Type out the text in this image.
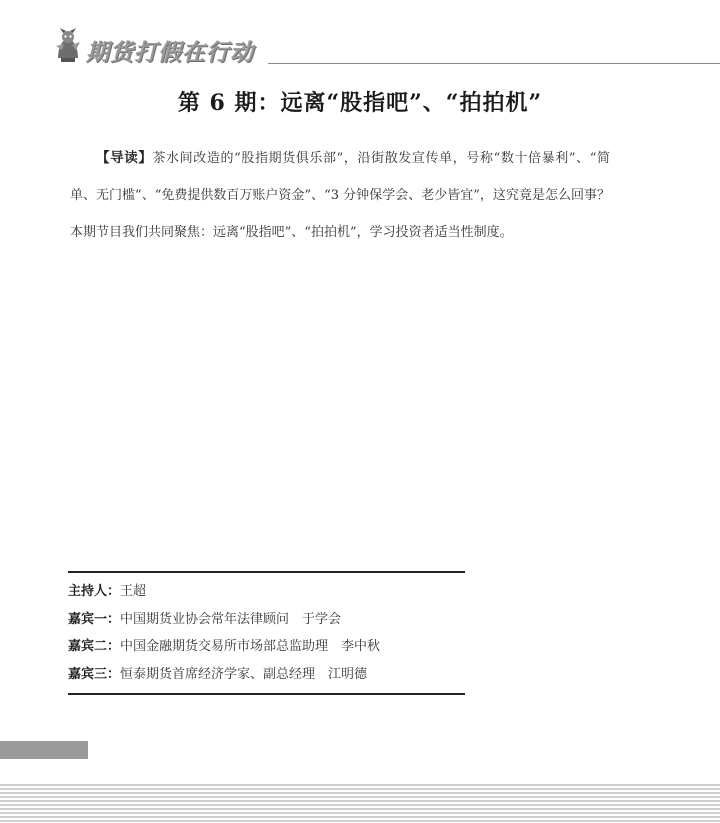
期货打假在行动
第 6 期：远离“股指吧”、“拍拍机”
【导读】茶水间改造的“股指期货俱乐部”，沿街散发宣传单，号称“数十倍暴利”、“简单、无门槛”、“免费提供数百万账户资金”、“3 分钟保学会、老少皆宜”，这究竟是怎么回事？本期节目我们共同聚焦：远离“股指吧”、“拍拍机”，学习投资者适当性制度。
主持人：王超
嘉宾一：中国期货业协会常年法律顾问　于学会
嘉宾二：中国金融期货交易所市场部总监助理　李中秋
嘉宾三：恒泰期货首席经济学家、副总经理　江明德
